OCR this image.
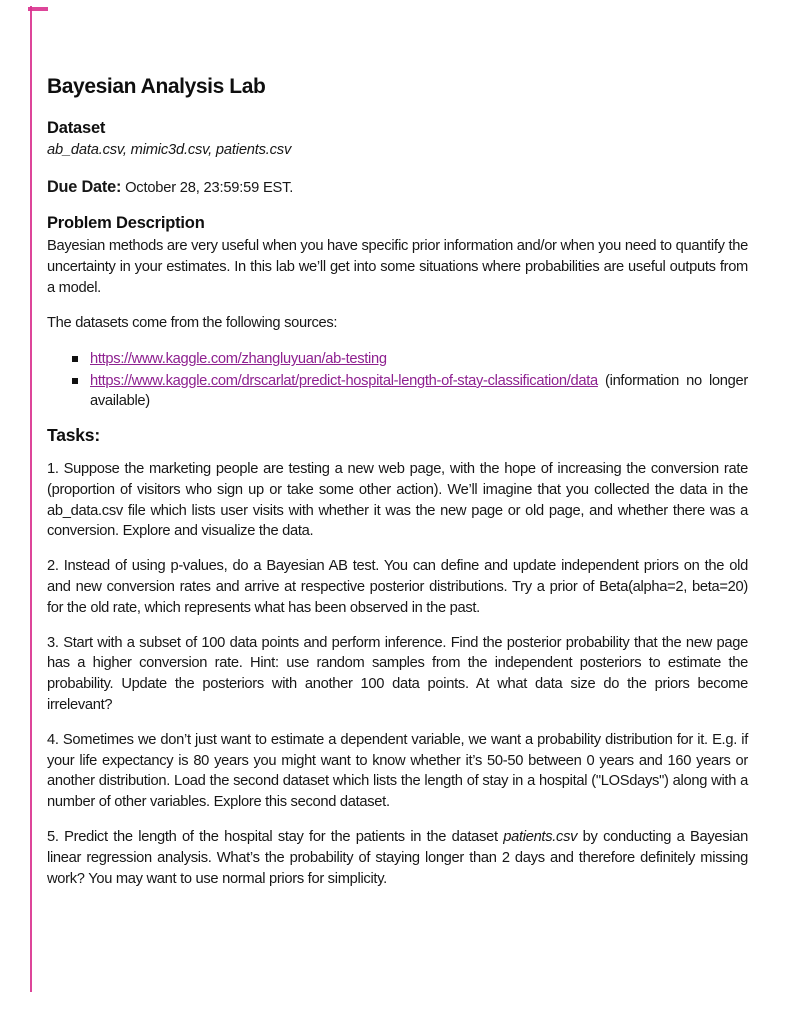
Bayesian Analysis Lab
Dataset

ab_data.csv, mimic3d.csv, patients.csv

Due Date: October 28, 23:59:59 EST.

Problem Description

Bayesian methods are very useful when you have specific prior information and/or when you need to quantify the uncertainty in your estimates. In this lab we’ll get into some situations where probabilities are useful outputs from a model.

The datasets come from the following sources:

https://www.kaggle.com/zhangluyuan/ab-testing

https://www.kaggle.com/drscarlat/predict-hospital-length-of-stay-classification/data (information no longer available)

Tasks:

1. Suppose the marketing people are testing a new web page, with the hope of increasing the conversion rate (proportion of visitors who sign up or take some other action). We’ll imagine that you collected the data in the ab_data.csv file which lists user visits with whether it was the new page or old page, and whether there was a conversion. Explore and visualize the data.

2. Instead of using p-values, do a Bayesian AB test. You can define and update independent priors on the old and new conversion rates and arrive at respective posterior distributions. Try a prior of Beta(alpha=2, beta=20) for the old rate, which represents what has been observed in the past.

3. Start with a subset of 100 data points and perform inference. Find the posterior probability that the new page has a higher conversion rate. Hint: use random samples from the independent posteriors to estimate the probability. Update the posteriors with another 100 data points. At what data size do the priors become irrelevant?

4. Sometimes we don’t just want to estimate a dependent variable, we want a probability distribution for it. E.g. if your life expectancy is 80 years you might want to know whether it’s 50-50 between 0 years and 160 years or another distribution. Load the second dataset which lists the length of stay in a hospital ("LOSdays") along with a number of other variables. Explore this second dataset.

5. Predict the length of the hospital stay for the patients in the dataset patients.csv by conducting a Bayesian linear regression analysis. What’s the probability of staying longer than 2 days and therefore definitely missing work? You may want to use normal priors for simplicity.
